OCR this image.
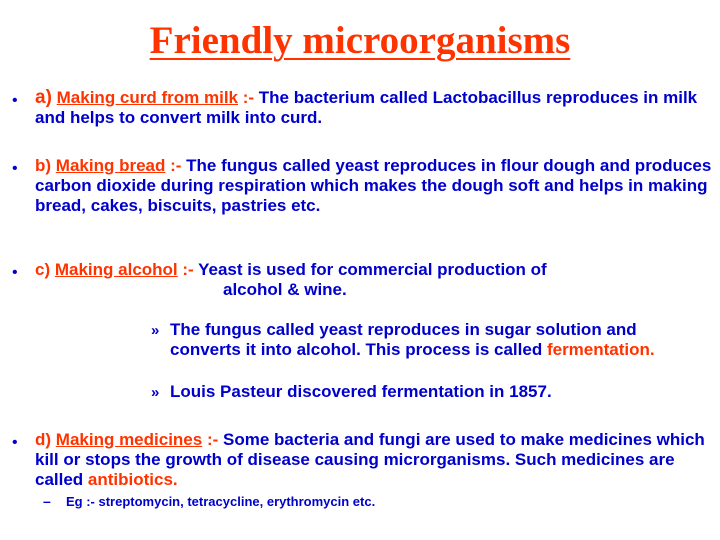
Friendly microorganisms
• a) Making curd from milk :- The bacterium called Lactobacillus reproduces in milk and helps to convert milk into curd.
•	b) Making bread :- The fungus called yeast reproduces in flour dough and produces carbon dioxide during respiration which makes the dough soft and helps in making bread, cakes, biscuits, pastries etc.
•	c) Making alcohol :- Yeast is used for commercial production of
alcohol & wine.
» The fungus called yeast reproduces in sugar solution and converts it into alcohol. This process is called fermentation.
» Louis Pasteur discovered fermentation in 1857.
•	d) Making medicines :- Some bacteria and fungi are used to make medicines which kill or stops the growth of disease causing microrganisms. Such medicines are called antibiotics.
– Eg :- streptomycin, tetracycline, erythromycin etc.
